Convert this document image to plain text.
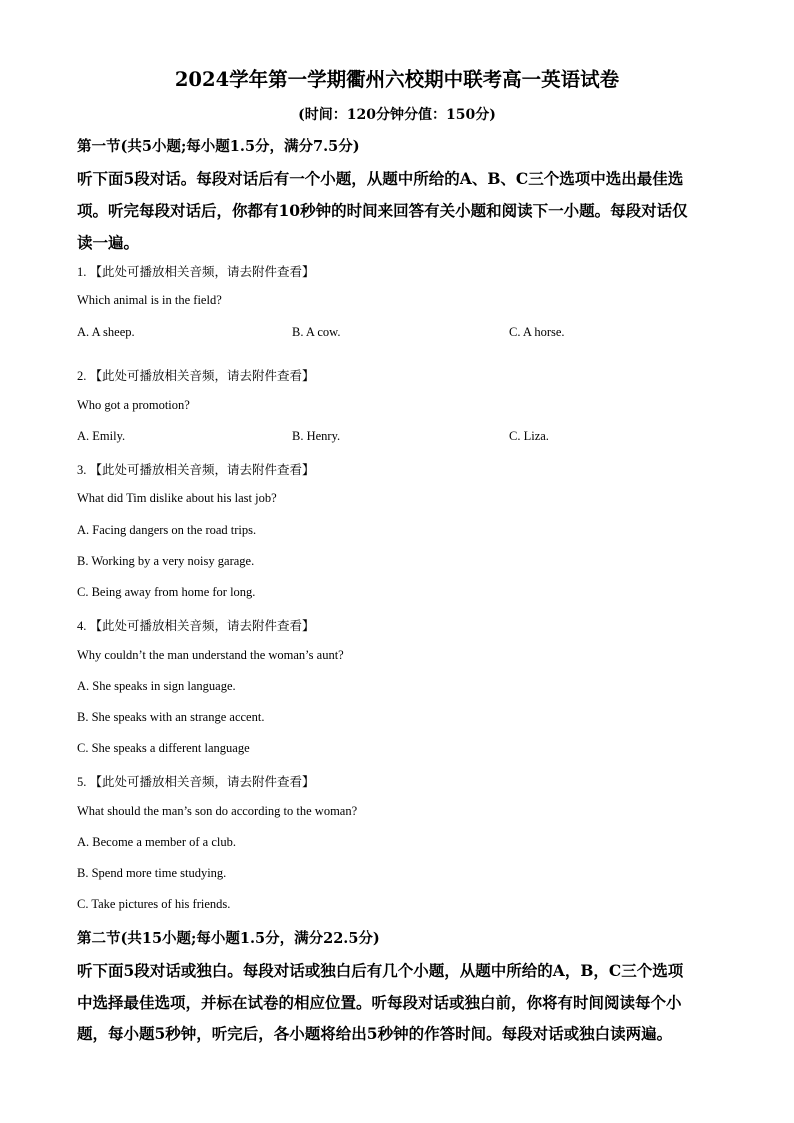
2024学年第一学期衢州六校期中联考高一英语试卷
(时间：120分钟分值：150分)
第一节(共5小题;每小题1.5分，满分7.5分)
听下面5段对话。每段对话后有一个小题，从题中所给的A、B、C三个选项中选出最佳选
项。听完每段对话后，你都有10秒钟的时间来回答有关小题和阅读下一小题。每段对话仅
读一遍。
1. 【此处可播放相关音频，请去附件查看】
Which animal is in the field?
A. A sheep.	B. A cow.	C. A horse.
2. 【此处可播放相关音频，请去附件查看】
Who got a promotion?
A. Emily.	B. Henry.	C. Liza.
3. 【此处可播放相关音频，请去附件查看】
What did Tim dislike about his last job?
A. Facing dangers on the road trips.
B. Working by a very noisy garage.
C. Being away from home for long.
4. 【此处可播放相关音频，请去附件查看】
Why couldn’t the man understand the woman’s aunt?
A. She speaks in sign language.
B. She speaks with an strange accent.
C. She speaks a different language
5. 【此处可播放相关音频，请去附件查看】
What should the man’s son do according to the woman?
A. Become a member of a club.
B. Spend more time studying.
C. Take pictures of his friends.
第二节(共15小题;每小题1.5分，满分22.5分)
听下面5段对话或独白。每段对话或独白后有几个小题，从题中所给的A，B，C三个选项
中选择最佳选项，并标在试卷的相应位置。听每段对话或独白前，你将有时间阅读每个小
题，每小题5秒钟，听完后，各小题将给出5秒钟的作答时间。每段对话或独白读两遍。
